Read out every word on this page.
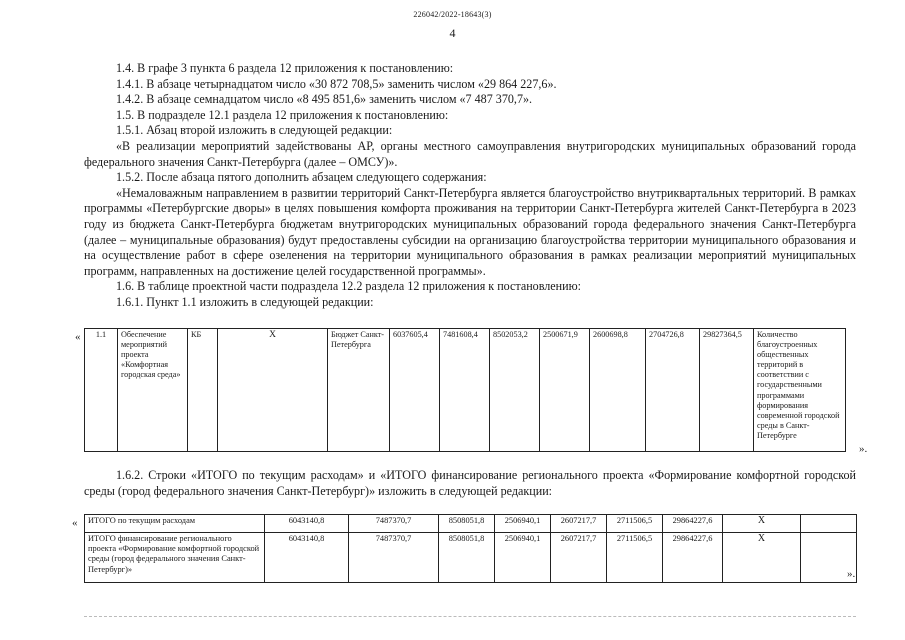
226042/2022-18643(3)
4

1.4. В графе 3 пункта 6 раздела 12 приложения к постановлению:

1.4.1. В абзаце четырнадцатом число «30 872 708,5» заменить числом «29 864 227,6».

1.4.2. В абзаце семнадцатом число «8 495 851,6» заменить числом «7 487 370,7».

1.5. В подразделе 12.1 раздела 12 приложения к постановлению:

1.5.1. Абзац второй изложить в следующей редакции:

«В реализации мероприятий задействованы АР, органы местного самоуправления внутригородских муниципальных образований города федерального значения Санкт-Петербурга (далее – ОМСУ)».

1.5.2. После абзаца пятого дополнить абзацем следующего содержания:

«Немаловажным направлением в развитии территорий Санкт-Петербурга является благоустройство внутриквартальных территорий. В рамках программы «Петербургские дворы» в целях повышения комфорта проживания на территории Санкт-Петербурга жителей Санкт-Петербурга в 2023 году из бюджета Санкт-Петербурга бюджетам внутригородских муниципальных образований города федерального значения Санкт-Петербурга (далее – муниципальные образования) будут предоставлены субсидии на организацию благоустройства территории муниципального образования и на осуществление работ в сфере озеленения на территории муниципального образования в рамках реализации мероприятий муниципальных программ, направленных на достижение целей государственной программы».

1.6. В таблице проектной части подраздела 12.2 раздела 12 приложения к постановлению:

1.6.1. Пункт 1.1 изложить в следующей редакции:

« 1.1	Обеспечение мероприятий проекта «Комфортная городская среда»	КБ	X	Бюджет Санкт-Петербурга	6037605,4	7481608,4	8502053,2	2500671,9	2600698,8	2704726,8	29827364,5	Количество благоустроенных общественных территорий в соответствии с государственными программами формирования современной городской среды в Санкт-Петербурге
».

1.6.2. Строки «ИТОГО по текущим расходам» и «ИТОГО финансирование регионального проекта «Формирование комфортной городской среды (город федерального значения Санкт-Петербург)» изложить в следующей редакции:

« ИТОГО по текущим расходам	6043140,8	7487370,7	8508051,8	2506940,1	2607217,7	2711506,5	29864227,6	X	
ИТОГО финансирование регионального проекта «Формирование комфортной городской среды (город федерального значения Санкт-Петербург)»	6043140,8	7487370,7	8508051,8	2506940,1	2607217,7	2711506,5	29864227,6	X	
».
